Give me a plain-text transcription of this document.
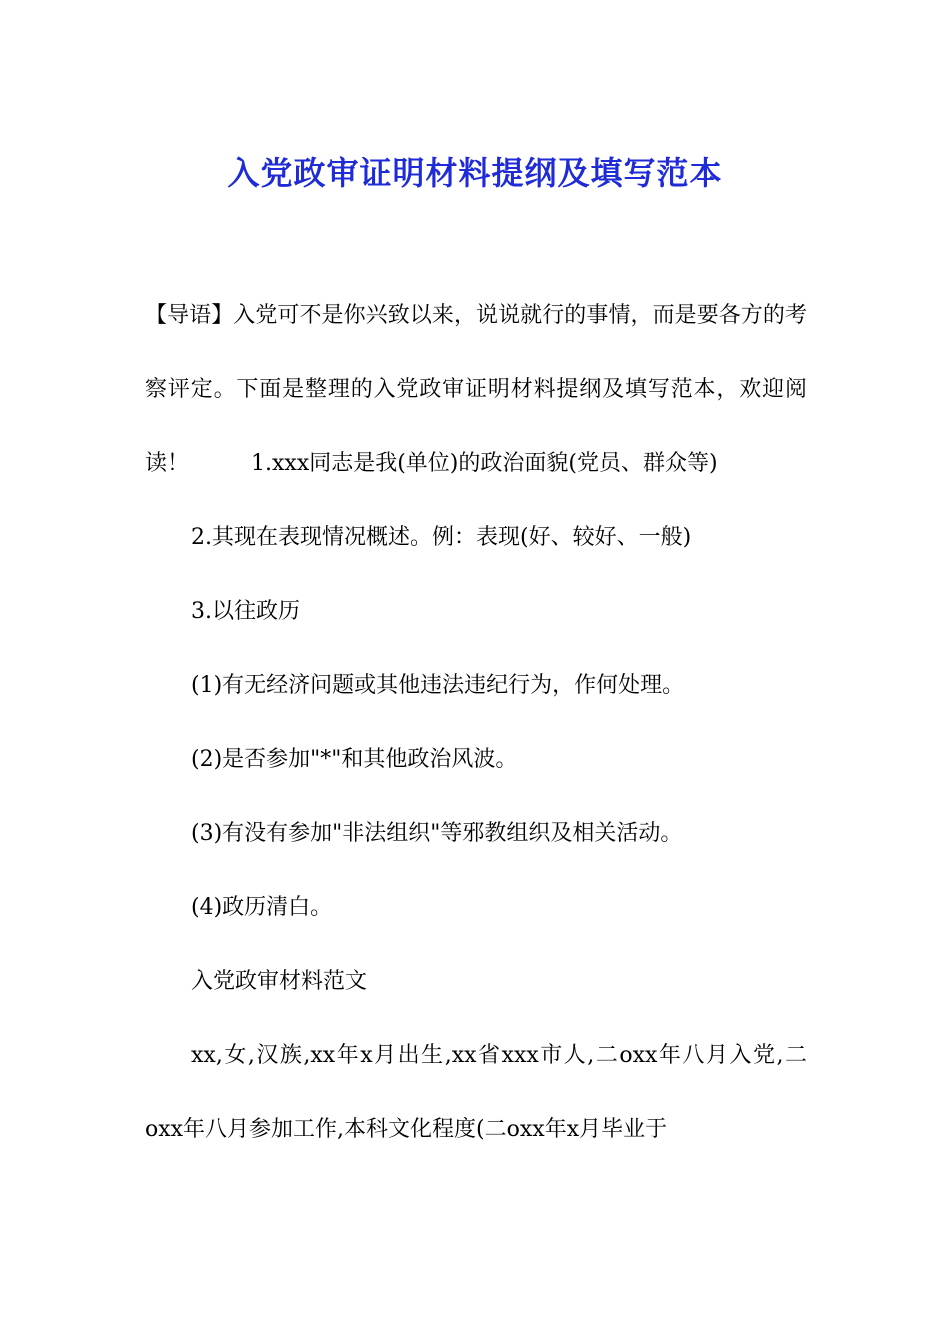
入党政审证明材料提纲及填写范本

【导语】入党可不是你兴致以来，说说就行的事情，而是要各方的考察评定。下面是整理的入党政审证明材料提纲及填写范本，欢迎阅读！	1.xxx同志是我(单位)的政治面貌(党员、群众等)

2.其现在表现情况概述。例：表现(好、较好、一般)

3.以往政历

(1)有无经济问题或其他违法违纪行为，作何处理。

(2)是否参加"*"和其他政治风波。

(3)有没有参加"非法组织"等邪教组织及相关活动。

(4)政历清白。

入党政审材料范文

xx,女,汉族,xx年x月出生,xx省xxx市人,二oxx年八月入党,二oxx年八月参加工作,本科文化程度(二oxx年x月毕业于
